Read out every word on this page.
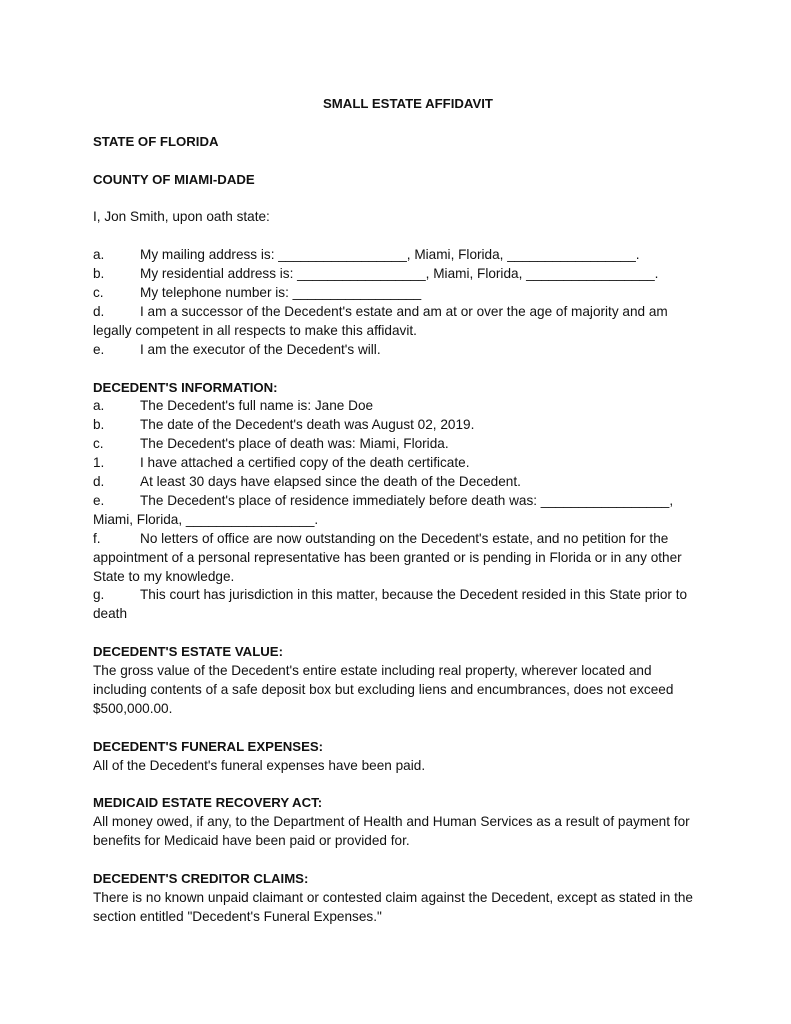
SMALL ESTATE AFFIDAVIT
STATE OF FLORIDA
COUNTY OF MIAMI-DADE
I, Jon Smith, upon oath state:
a.	My mailing address is: _________________, Miami, Florida, _________________.
b.	My residential address is: _________________, Miami, Florida, _________________.
c.	My telephone number is: _________________
d.	I am a successor of the Decedent's estate and am at or over the age of majority and am legally competent in all respects to make this affidavit.
e.	I am the executor of the Decedent's will.
DECEDENT'S INFORMATION:
a.	The Decedent's full name is: Jane Doe
b.	The date of the Decedent's death was August 02, 2019.
c.	The Decedent's place of death was: Miami, Florida.
1.	I have attached a certified copy of the death certificate.
d.	At least 30 days have elapsed since the death of the Decedent.
e.	The Decedent's place of residence immediately before death was: _________________, Miami, Florida, _________________.
f.	No letters of office are now outstanding on the Decedent's estate, and no petition for the appointment of a personal representative has been granted or is pending in Florida or in any other State to my knowledge.
g.	This court has jurisdiction in this matter, because the Decedent resided in this State prior to death
DECEDENT'S ESTATE VALUE:
The gross value of the Decedent's entire estate including real property, wherever located and including contents of a safe deposit box but excluding liens and encumbrances, does not exceed $500,000.00.
DECEDENT'S FUNERAL EXPENSES:
All of the Decedent's funeral expenses have been paid.
MEDICAID ESTATE RECOVERY ACT:
All money owed, if any, to the Department of Health and Human Services as a result of payment for benefits for Medicaid have been paid or provided for.
DECEDENT'S CREDITOR CLAIMS:
There is no known unpaid claimant or contested claim against the Decedent, except as stated in the section entitled "Decedent's Funeral Expenses."
